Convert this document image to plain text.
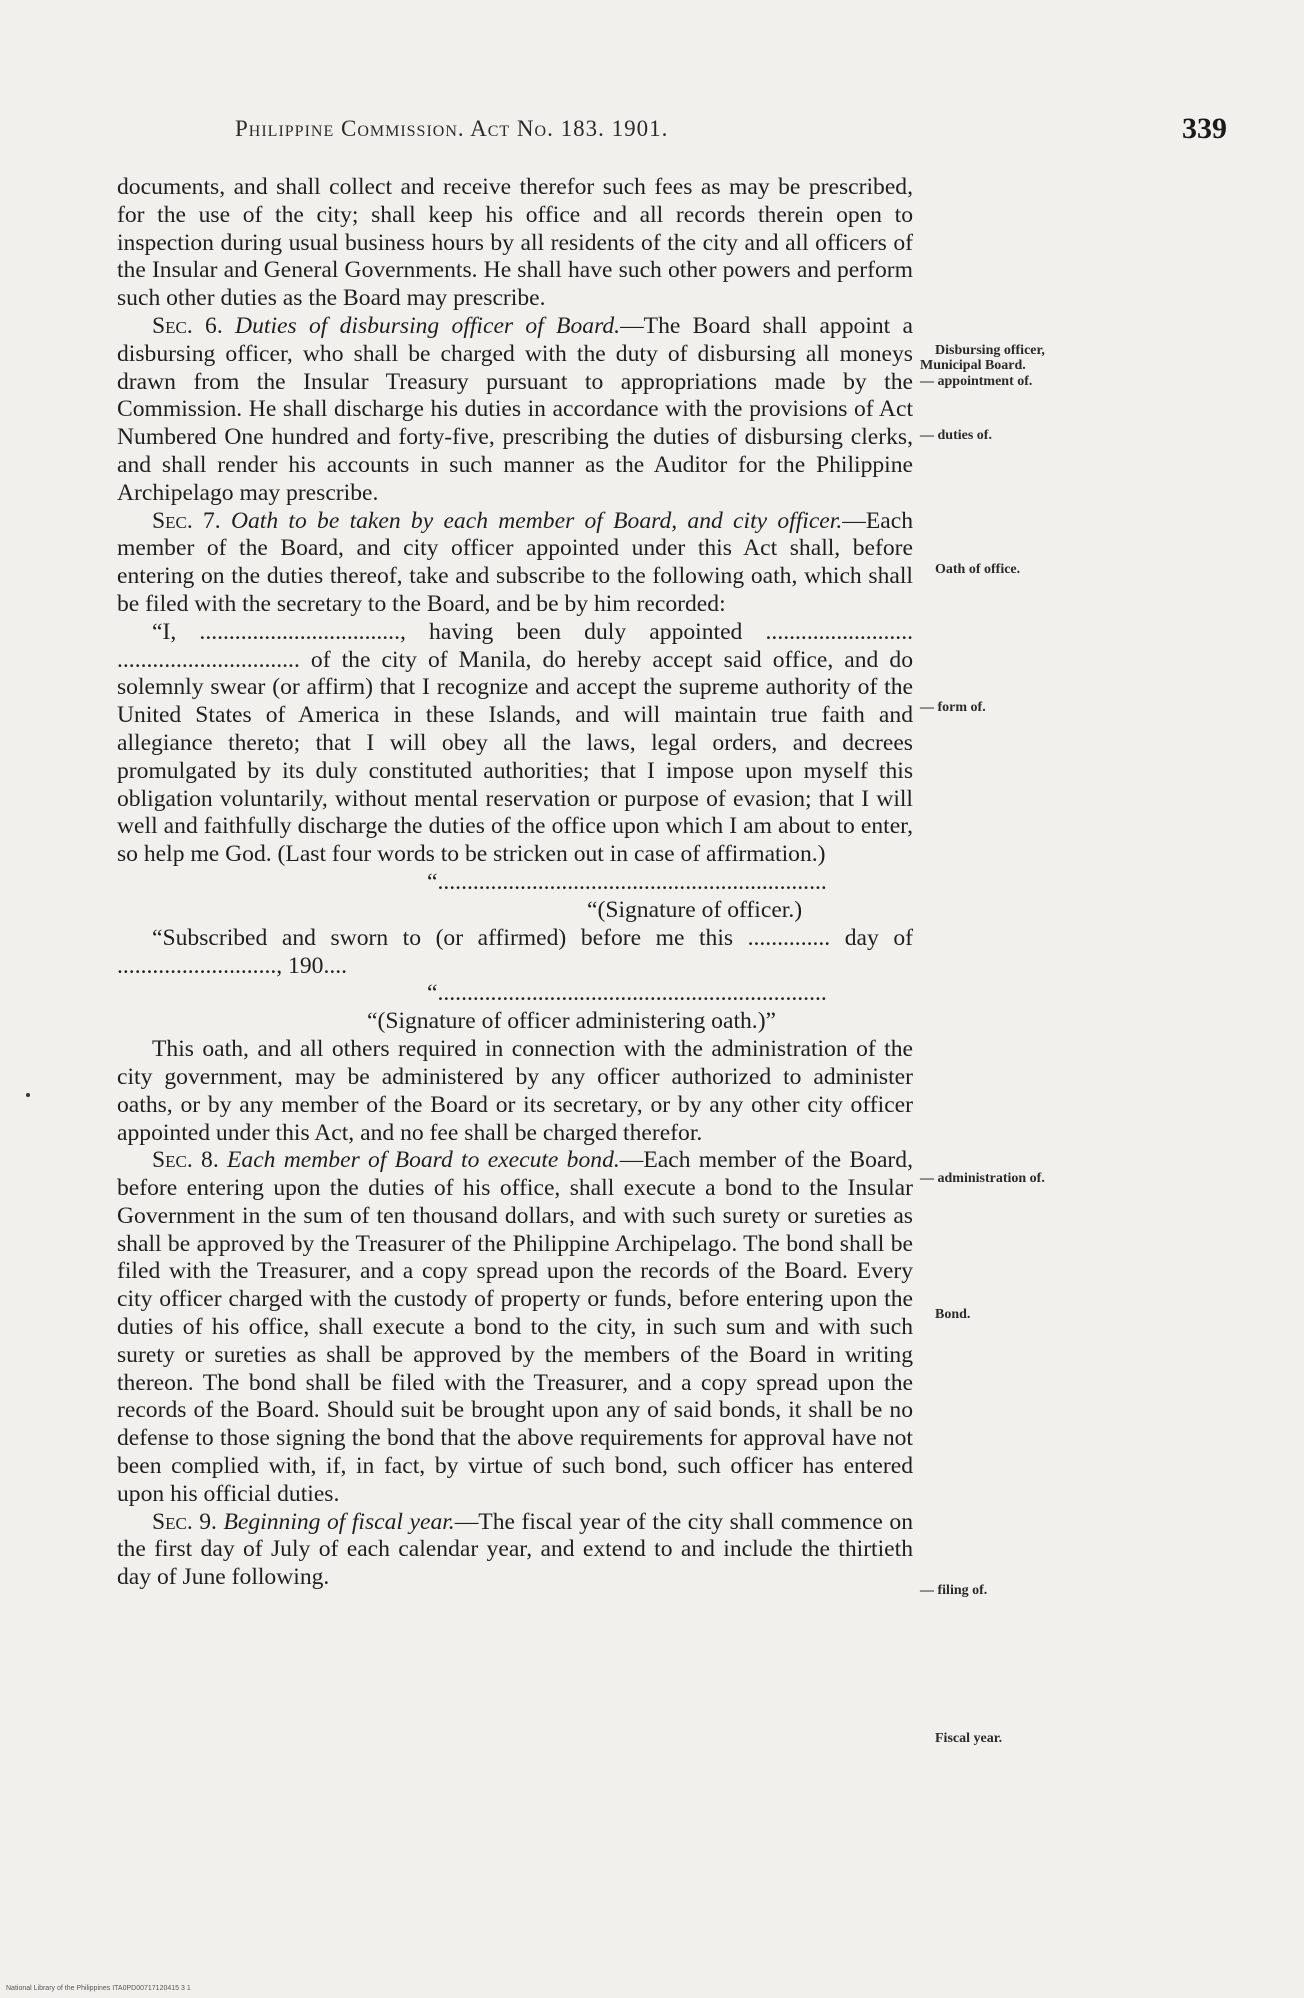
Philippine Commission. Act No. 183. 1901.	339

documents, and shall collect and receive therefor such fees as may be prescribed, for the use of the city; shall keep his office and all records therein open to inspection during usual business hours by all residents of the city and all officers of the Insular and General Governments. He shall have such other powers and perform such other duties as the Board may prescribe.

Sec. 6. Duties of disbursing officer of Board.—The Board shall appoint a disbursing officer, who shall be charged with the duty of disbursing all moneys drawn from the Insular Treasury pursuant to appropriations made by the Commission. He shall discharge his duties in accordance with the provisions of Act Numbered One hundred and forty-five, prescribing the duties of disbursing clerks, and shall render his accounts in such manner as the Auditor for the Philippine Archipelago may prescribe.

Sec. 7. Oath to be taken by each member of Board, and city officer.—Each member of the Board, and city officer appointed under this Act shall, before entering on the duties thereof, take and subscribe to the following oath, which shall be filed with the secretary to the Board, and be by him recorded:

“I, .................................., having been duly appointed ......................... ............................... of the city of Manila, do hereby accept said office, and do solemnly swear (or affirm) that I recognize and accept the supreme authority of the United States of America in these Islands, and will maintain true faith and allegiance thereto; that I will obey all the laws, legal orders, and decrees promulgated by its duly constituted authorities; that I impose upon myself this obligation voluntarily, without mental reservation or purpose of evasion; that I will well and faithfully discharge the duties of the office upon which I am about to enter, so help me God. (Last four words to be stricken out in case of affirmation.)

“..................................................................

“(Signature of officer.)

“Subscribed and sworn to (or affirmed) before me this .............. day of ..........................., 190....

“..................................................................

“(Signature of officer administering oath.)”

This oath, and all others required in connection with the administration of the city government, may be administered by any officer authorized to administer oaths, or by any member of the Board or its secretary, or by any other city officer appointed under this Act, and no fee shall be charged therefor.

Sec. 8. Each member of Board to execute bond.—Each member of the Board, before entering upon the duties of his office, shall execute a bond to the Insular Government in the sum of ten thousand dollars, and with such surety or sureties as shall be approved by the Treasurer of the Philippine Archipelago. The bond shall be filed with the Treasurer, and a copy spread upon the records of the Board. Every city officer charged with the custody of property or funds, before entering upon the duties of his office, shall execute a bond to the city, in such sum and with such surety or sureties as shall be approved by the members of the Board in writing thereon. The bond shall be filed with the Treasurer, and a copy spread upon the records of the Board. Should suit be brought upon any of said bonds, it shall be no defense to those signing the bond that the above requirements for approval have not been complied with, if, in fact, by virtue of such bond, such officer has entered upon his official duties.

Sec. 9. Beginning of fiscal year.—The fiscal year of the city shall commence on the first day of July of each calendar year, and extend to and include the thirtieth day of June following.

Disbursing officer,
Municipal Board.
— appointment of.
— duties of.
Oath of office.
— form of.
— administration of.
Bond.
— filing of.
Fiscal year.
National Library of the Philippines ITA0PD00717120415 3 1
